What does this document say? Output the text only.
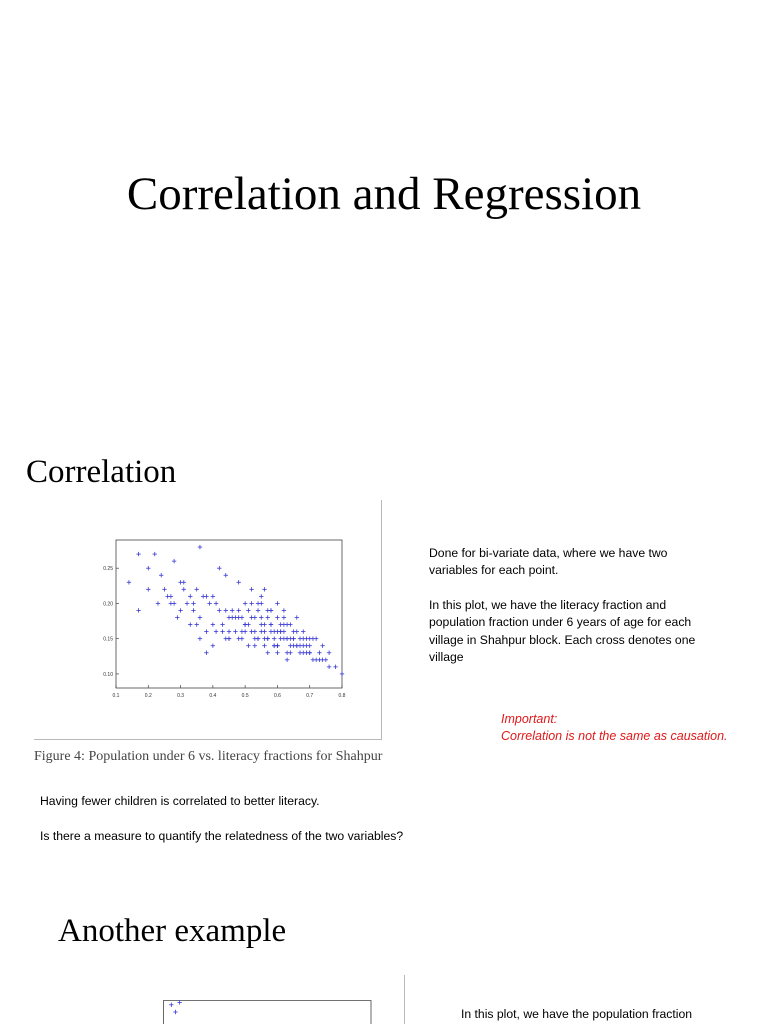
Correlation and Regression
Correlation
0.1	0.2	0.3	0.4	0.5	0.6	0.7	0.8
0.10
0.15
0.20
0.25
Figure 4: Population under 6 vs. literacy fractions for Shahpur

Done for bi-variate data, where we have two variables for each point.

In this plot, we have the literacy fraction and population fraction under 6 years of age for each village in Shahpur block. Each cross denotes one village

Important:
Correlation is not the same as causation.
Having fewer children is correlated to better literacy.
Is there a measure to quantify the relatedness of the two variables?
Another example
In this plot, we have the population fraction
